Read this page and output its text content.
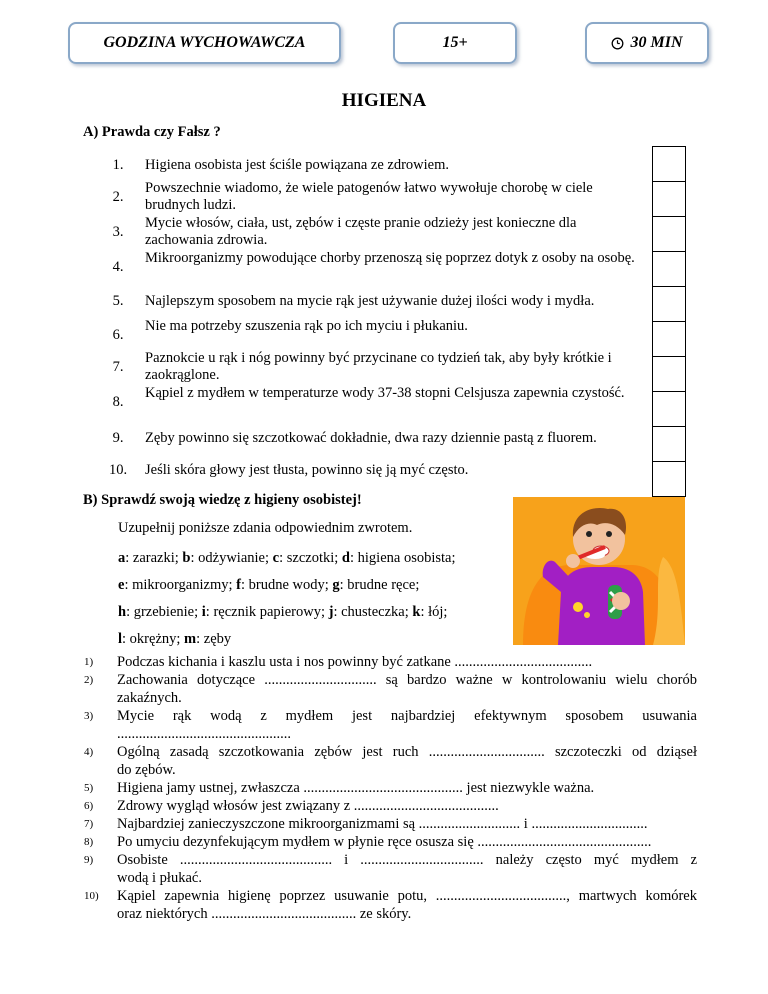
GODZINA WYCHOWAWCZA	15+	30 MIN
HIGIENA
A) Prawda czy Fałsz ?
1.	Higiena osobista jest ściśle powiązana ze zdrowiem.
2.
Powszechnie wiadomo, że wiele patogenów łatwo wywołuje chorobę w ciele brudnych ludzi.
3.
Mycie włosów, ciała, ust, zębów i częste pranie odzieży jest konieczne dla zachowania zdrowia.
4.
Mikroorganizmy powodujące chorby przenoszą się poprzez dotyk z osoby na osobę.
5.	Najlepszym sposobem na mycie rąk jest używanie dużej ilości wody i mydła.
6.
Nie ma potrzeby szuszenia rąk po ich myciu i płukaniu.
7.
Paznokcie u rąk i nóg powinny być przycinane co tydzień tak, aby były krótkie i zaokrąglone.
8.
Kąpiel z mydłem w temperaturze wody 37-38 stopni Celsjusza zapewnia czystość.
9.	Zęby powinno się szczotkować dokładnie, dwa razy dziennie pastą z fluorem.
10. Jeśli skóra głowy jest tłusta, powinno się ją myć często.
B) Sprawdź swoją wiedzę z higieny osobistej!
Uzupełnij poniższe zdania odpowiednim zwrotem.
a: zarazki; b: odżywianie; c: szczotki; d: higiena osobista;
e: mikroorganizmy; f: brudne wody; g: brudne ręce;
h: grzebienie; i: ręcznik papierowy; j: chusteczka; k: łój;
l: okrężny; m: zęby
1) Podczas kichania i kaszlu usta i nos powinny być zatkane ......................................
2) Zachowania dotyczące ............................... są bardzo ważne w kontrolowaniu wielu chorób
zakaźnych.
3) Mycie rąk wodą z mydłem jest najbardziej efektywnym sposobem usuwania
................................................
4) Ogólną zasadą szczotkowania zębów jest ruch ................................ szczoteczki od dziąseł
do zębów.
5) Higiena jamy ustnej, zwłaszcza ............................................ jest niezwykle ważna.
6) Zdrowy wygląd włosów jest związany z ........................................
7) Najbardziej zanieczyszczone mikroorganizmami są ............................ i ................................
8) Po umyciu dezynfekującym mydłem w płynie ręce osusza się ................................................
9) Osobiste .......................................... i .................................. należy często myć mydłem z
wodą i płukać.
10) Kąpiel zapewnia higienę poprzez usuwanie potu, ...................................., martwych komórek
oraz niektórych ........................................ ze skóry.
